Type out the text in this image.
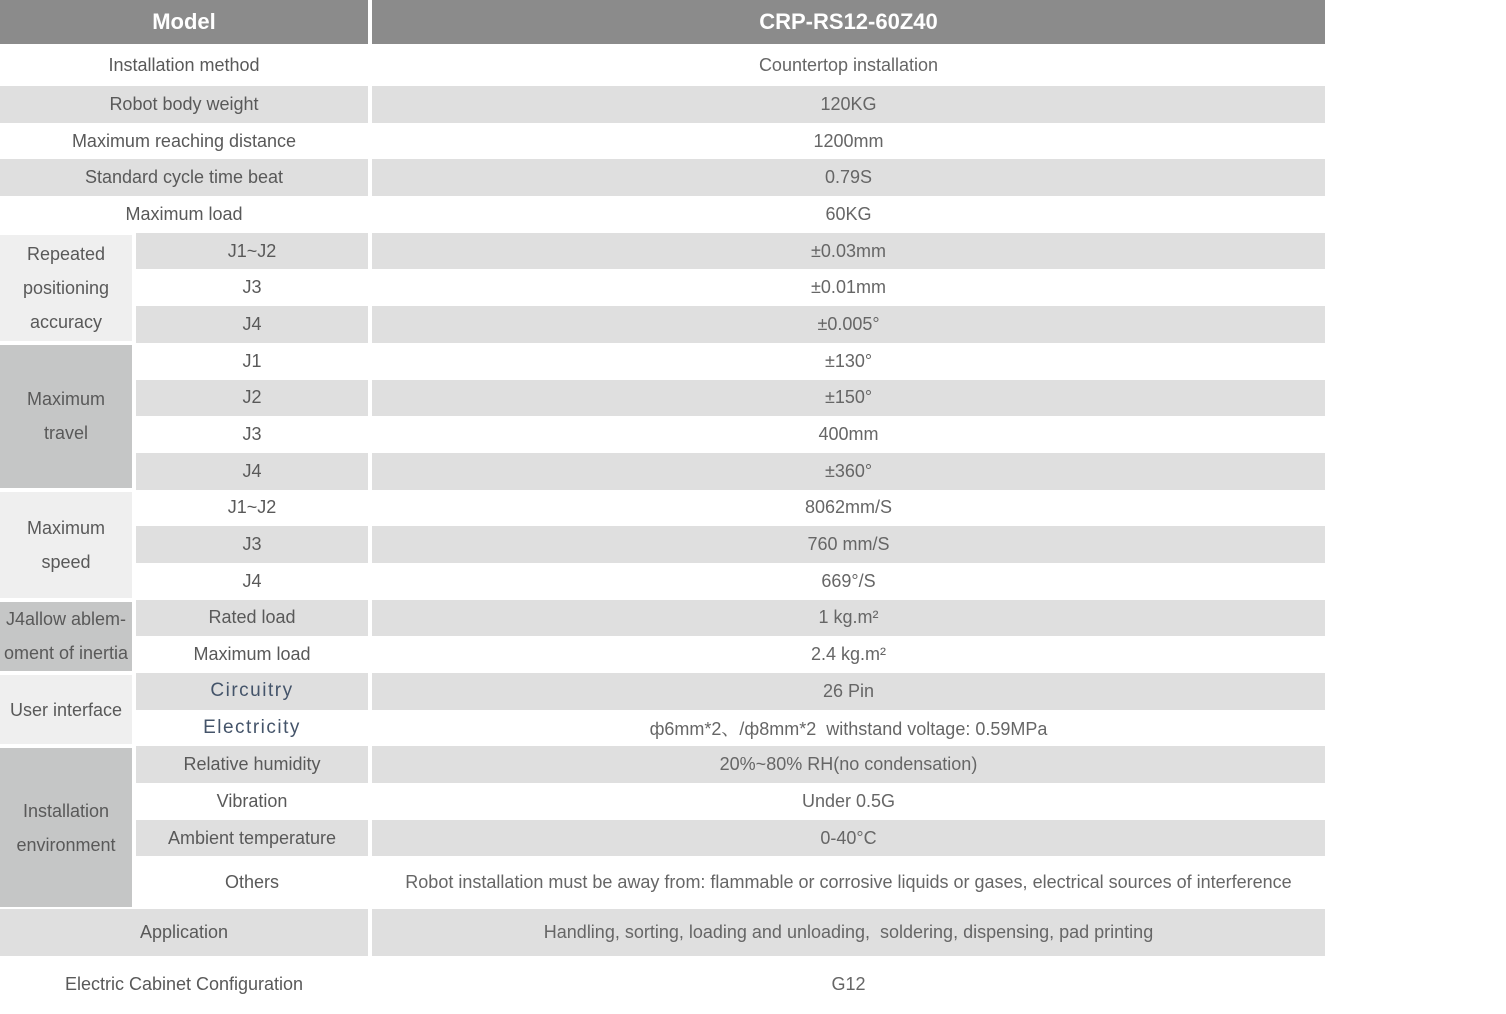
Model	CRP-RS12-60Z40
Installation method	Countertop installation
Robot body weight	120KG
Maximum reaching distance	1200mm
Standard cycle time beat	0.79S
Maximum load	60KG
Repeated
positioning
accuracy
J1~J2	±0.03mm
J3	±0.01mm
J4	±0.005°
Maximum
travel
J1	±130°
J2	±150°
J3	400mm
J4	±360°
Maximum speed
J1~J2	8062mm/S
J3	760 mm/S
J4	669°/S
J4allow ablem-
oment of inertia
Rated load	1 kg.m²
Maximum load	2.4 kg.m²
User interface
Circuitry	26 Pin
Electricity	ф6mm*2、/ф8mm*2  withstand voltage: 0.59MPa
Installation
environment
Relative humidity	20%~80% RH(no condensation)
Vibration	Under 0.5G
Ambient temperature	0-40°C
Others	Robot installation must be away from: flammable or corrosive liquids or gases, electrical sources of interference
Application	Handling, sorting, loading and unloading,  soldering, dispensing, pad printing
Electric Cabinet Configuration	G12
